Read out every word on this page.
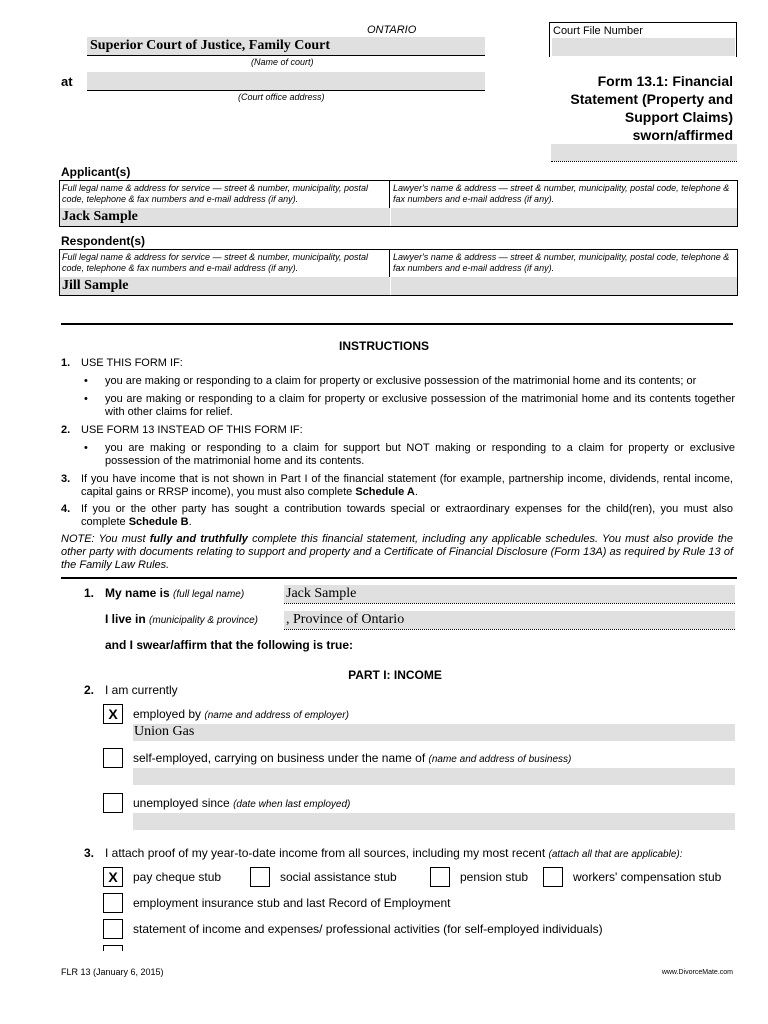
ONTARIO
Superior Court of Justice, Family Court
(Name of court)
at
(Court office address)
Court File Number
Form 13.1: Financial
Statement (Property and
Support Claims)
sworn/affirmed
Applicant(s)
Full legal name & address for service — street & number, municipality, postal code, telephone & fax numbers and e-mail address (if any).
Jack Sample
Lawyer's name & address — street & number, municipality, postal code, telephone & fax numbers and e-mail address (if any).
Respondent(s)
Full legal name & address for service — street & number, municipality, postal code, telephone & fax numbers and e-mail address (if any).
Jill Sample
Lawyer's name & address — street & number, municipality, postal code, telephone & fax numbers and e-mail address (if any).
INSTRUCTIONS
1. USE THIS FORM IF:
• you are making or responding to a claim for property or exclusive possession of the matrimonial home and its contents; or
• you are making or responding to a claim for property or exclusive possession of the matrimonial home and its contents together with other claims for relief.
2. USE FORM 13 INSTEAD OF THIS FORM IF:
• you are making or responding to a claim for support but NOT making or responding to a claim for property or exclusive possession of the matrimonial home and its contents.
3. If you have income that is not shown in Part I of the financial statement (for example, partnership income, dividends, rental income, capital gains or RRSP income), you must also complete Schedule A.
4. If you or the other party has sought a contribution towards special or extraordinary expenses for the child(ren), you must also complete Schedule B.
NOTE: You must fully and truthfully complete this financial statement, including any applicable schedules. You must also provide the other party with documents relating to support and property and a Certificate of Financial Disclosure (Form 13A) as required by Rule 13 of the Family Law Rules.
1. My name is (full legal name)	Jack Sample
I live in (municipality & province) , Province of Ontario
and I swear/affirm that the following is true:
PART I: INCOME
2. I am currently
X	employed by (name and address of employer)
Union Gas
self-employed, carrying on business under the name of (name and address of business)
unemployed since (date when last employed)
3. I attach proof of my year-to-date income from all sources, including my most recent (attach all that are applicable):
X	pay cheque stub	social assistance stub	pension stub	workers' compensation stub
employment insurance stub and last Record of Employment
statement of income and expenses/ professional activities (for self-employed individuals)
FLR 13 (January 6, 2015)	www.DivorceMate.com
